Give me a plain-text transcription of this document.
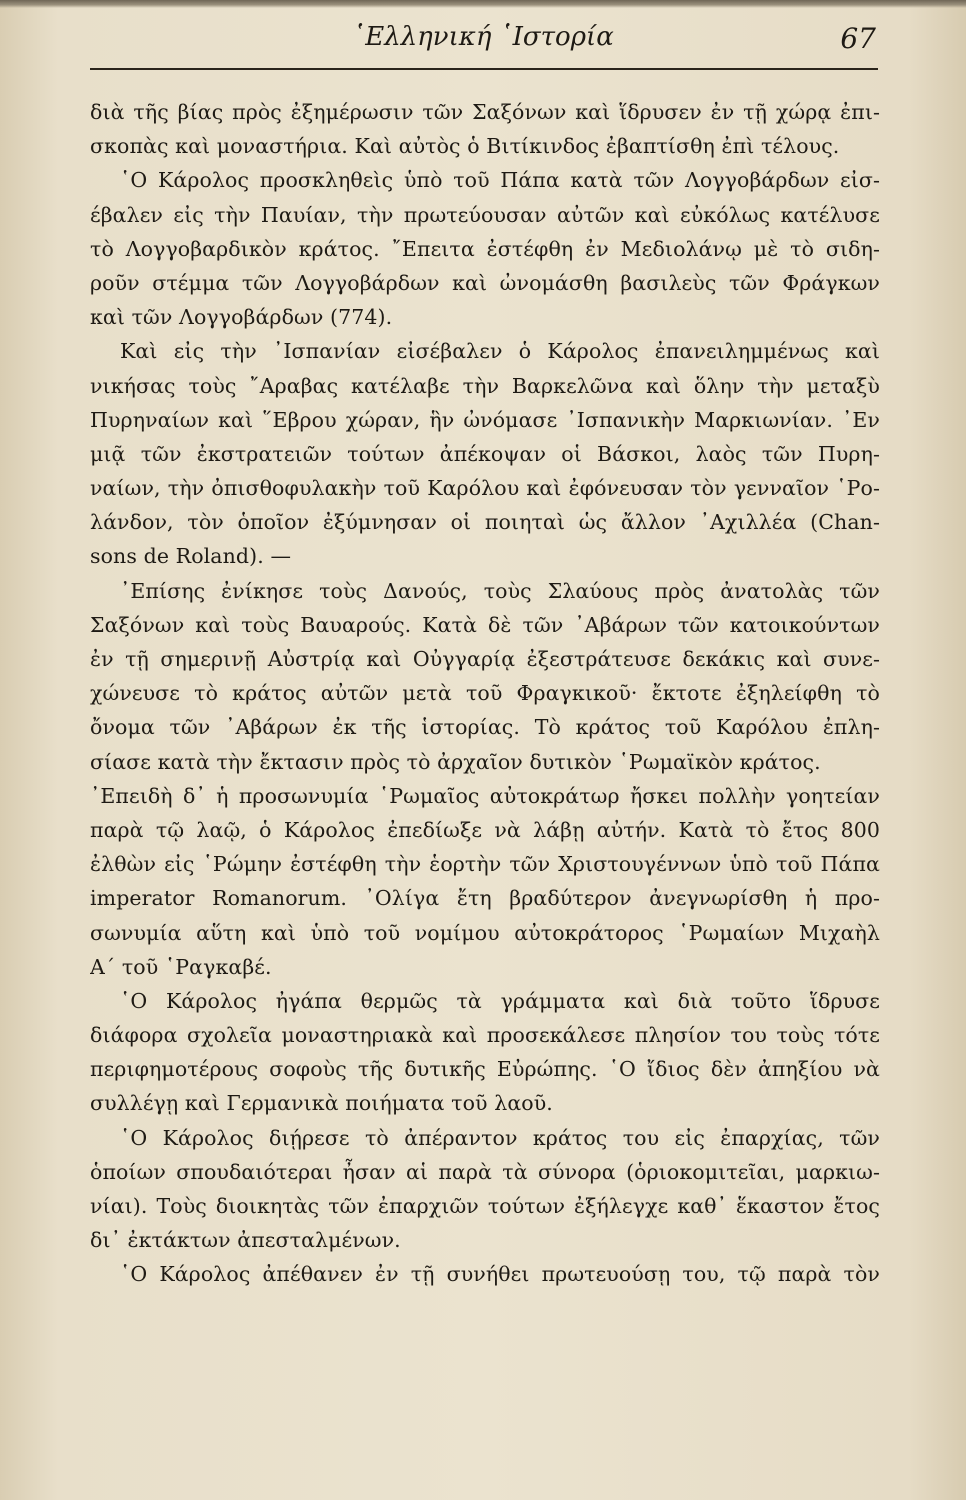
῾Ελληνική ῾Ιστορία	67
διὰ τῆς βίας πρὸς ἐξημέρωσιν τῶν Σαξόνων καὶ ἵδρυσεν ἐν τῇ χώρᾳ ἐπι-
σκοπὰς καὶ μοναστήρια. Καὶ αὐτὸς ὁ Βιτίκινδος ἐβαπτίσθη ἐπὶ τέλους.
῾Ο Κάρολος προσκληθεὶς ὑπὸ τοῦ Πάπα κατὰ τῶν Λογγοβάρδων εἰσ-
έβαλεν εἰς τὴν Παυίαν, τὴν πρωτεύουσαν αὐτῶν καὶ εὐκόλως κατέλυσε
τὸ Λογγοβαρδικὸν κράτος. ῎Επειτα ἐστέφθη ἐν Μεδιολάνῳ μὲ τὸ σιδη-
ροῦν στέμμα τῶν Λογγοβάρδων καὶ ὠνομάσθη βασιλεὺς τῶν Φράγκων
καὶ τῶν Λογγοβάρδων (774).
Καὶ εἰς τὴν ᾿Ισπανίαν εἰσέβαλεν ὁ Κάρολος ἐπανειλημμένως καὶ
νικήσας τοὺς ῎Αραβας κατέλαβε τὴν Βαρκελῶνα καὶ ὅλην τὴν μεταξὺ
Πυρηναίων καὶ ῞Εβρου χώραν, ἣν ὠνόμασε ᾿Ισπανικὴν Μαρκιωνίαν. ᾿Εν
μιᾷ τῶν ἐκστρατειῶν τούτων ἀπέκοψαν οἱ Βάσκοι, λαὸς τῶν Πυρη-
ναίων, τὴν ὀπισθοφυλακὴν τοῦ Καρόλου καὶ ἐφόνευσαν τὸν γενναῖον ῾Ρο-
λάνδον, τὸν ὁποῖον ἐξύμνησαν οἱ ποιηταὶ ὡς ἄλλον ᾿Αχιλλέα (Chan-
sons de Roland). —
᾿Επίσης ἐνίκησε τοὺς Δανούς, τοὺς Σλαύους πρὸς ἀνατολὰς τῶν
Σαξόνων καὶ τοὺς Βαυαρούς. Κατὰ δὲ τῶν ᾿Αβάρων τῶν κατοικούντων
ἐν τῇ σημερινῇ Αὐστρίᾳ καὶ Οὐγγαρίᾳ ἐξεστράτευσε δεκάκις καὶ συνε-
χώνευσε τὸ κράτος αὐτῶν μετὰ τοῦ Φραγκικοῦ· ἔκτοτε ἐξηλείφθη τὸ
ὄνομα τῶν ᾿Αβάρων ἐκ τῆς ἱστορίας. Τὸ κράτος τοῦ Καρόλου ἐπλη-
σίασε κατὰ τὴν ἔκτασιν πρὸς τὸ ἀρχαῖον δυτικὸν ῾Ρωμαϊκὸν κράτος.
᾿Επειδὴ δ᾽ ἡ προσωνυμία ῾Ρωμαῖος αὐτοκράτωρ ἤσκει πολλὴν γοητείαν
παρὰ τῷ λαῷ, ὁ Κάρολος ἐπεδίωξε νὰ λάβῃ αὐτήν. Κατὰ τὸ ἔτος 800
ἐλθὼν εἰς ῾Ρώμην ἐστέφθη τὴν ἑορτὴν τῶν Χριστουγέννων ὑπὸ τοῦ Πάπα
imperator Romanorum. ᾿Ολίγα ἔτη βραδύτερον ἀνεγνωρίσθη ἡ προ-
σωνυμία αὕτη καὶ ὑπὸ τοῦ νομίμου αὐτοκράτορος ῾Ρωμαίων Μιχαὴλ
Α´ τοῦ ῾Ραγκαβέ.
῾Ο Κάρολος ἠγάπα θερμῶς τὰ γράμματα καὶ διὰ τοῦτο ἵδρυσε
διάφορα σχολεῖα μοναστηριακὰ καὶ προσεκάλεσε πλησίον του τοὺς τότε
περιφημοτέρους σοφοὺς τῆς δυτικῆς Εὐρώπης. ῾Ο ἴδιος δὲν ἀπηξίου νὰ
συλλέγῃ καὶ Γερμανικὰ ποιήματα τοῦ λαοῦ.
῾Ο Κάρολος διῄρεσε τὸ ἀπέραντον κράτος του εἰς ἐπαρχίας, τῶν
ὁποίων σπουδαιότεραι ἦσαν αἱ παρὰ τὰ σύνορα (ὁριοκομιτεῖαι, μαρκιω-
νίαι). Τοὺς διοικητὰς τῶν ἐπαρχιῶν τούτων ἐξήλεγχε καθ᾽ ἕκαστον ἔτος
δι᾽ ἐκτάκτων ἀπεσταλμένων.
῾Ο Κάρολος ἀπέθανεν ἐν τῇ συνήθει πρωτευούσῃ του, τῷ παρὰ τὸν
